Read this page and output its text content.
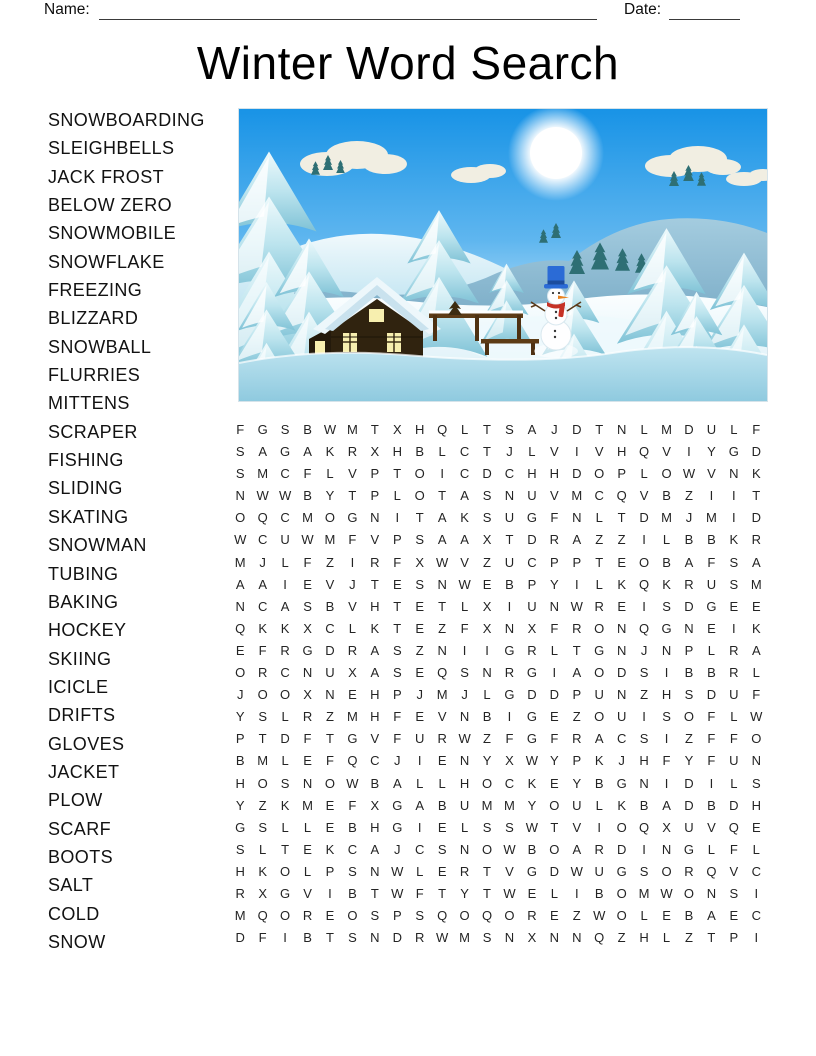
Name:	Date:
Winter Word Search
SNOWBOARDING
SLEIGHBELLS
JACK FROST
BELOW ZERO
SNOWMOBILE
SNOWFLAKE
FREEZING
BLIZZARD
SNOWBALL
FLURRIES
MITTENS
SCRAPER
FISHING
SLIDING
SKATING
SNOWMAN
TUBING
BAKING
HOCKEY
SKIING
ICICLE
DRIFTS
GLOVES
JACKET
PLOW
SCARF
BOOTS
SALT
COLD
SNOW
F	G	S	B W M	T	X	H Q	L	T	S	A	J	D	T	N	L	M D	U	L	F
S	A	G	A	K	R	X	H	B	L	C	T	J	L	V	I	V	H Q	V	I	Y	G D
S M C	F	L	V	P	T	O	I	C	D	C	H	H	D O	P	L	O W V	N	K
N W W B	Y	T	P	L	O	T	A	S	N	U	V M C Q	V	B	Z	I	I	T
O Q C M O G N	I	T	A	K	S	U G	F	N	L	T	D M	J	M	I	D
W C	U W M	F	V	P	S	A	A	X	T	D	R	A	Z	Z	I	L	B	B	K	R
M	J	L	F	Z	I	R	F	X W V	Z	U	C	P	P	T	E	O	B	A	F	S	A
A	A	I	E	V	J	T	E	S	N W E	B	P	Y	I	L	K	Q	K	R	U	S M
N	C	A	S	B	V	H	T	E	T	L	X	I	U	N W R	E	I	S	D G	E	E
Q	K	K	X	C	L	K	T	E	Z	F	X	N	X	F	R O N Q G N	E	I	K
E	F	R G D	R	A	S	Z	N	I	I	G R	L	T	G N	J	N	P	L	R	A
O R	C	N	U	X	A	S	E	Q	S	N	R G	I	A	O D	S	I	B	B	R	L
J	O O	X	N	E	H	P	J	M	J	L	G D	D	P	U	N	Z	H	S	D	U	F
Y	S	L	R	Z	M H	F	E	V	N	B	I	G	E	Z	O U	I	S	O	F	L W
P	T	D	F	T	G	V	F	U	R W Z	F	G	F	R	A	C	S	I	Z	F	F	O
B M	L	E	F	Q C	J	I	E	N	Y	X W Y	P	K	J	H	F	Y	F	U	N
H O	S	N O W B	A	L	L	H O C	K	E	Y	B	G N	I	D	I	L	S
Y	Z	K M E	F	X	G	A	B	U M M Y	O U	L	K	B	A	D	B	D	H
G	S	L	L	E	B	H G	I	E	L	S	S W T	V	I	O Q	X	U	V	Q	E
S	L	T	E	K	C	A	J	C	S	N O W B	O	A	R	D	I	N G	L	F	L
H	K	O	L	P	S	N W L	E	R	T	V	G D W U G	S	O R Q	V	C
R	X	G	V	I	B	T W F	T	Y	T W E	L	I	B	O M W O N	S	I
M Q O R	E	O	S	P	S	Q O Q O R	E	Z W O	L	E	B	A	E	C
D	F	I	B	T	S	N	D	R W M S	N	X	N	N Q	Z	H	L	Z	T	P	I
